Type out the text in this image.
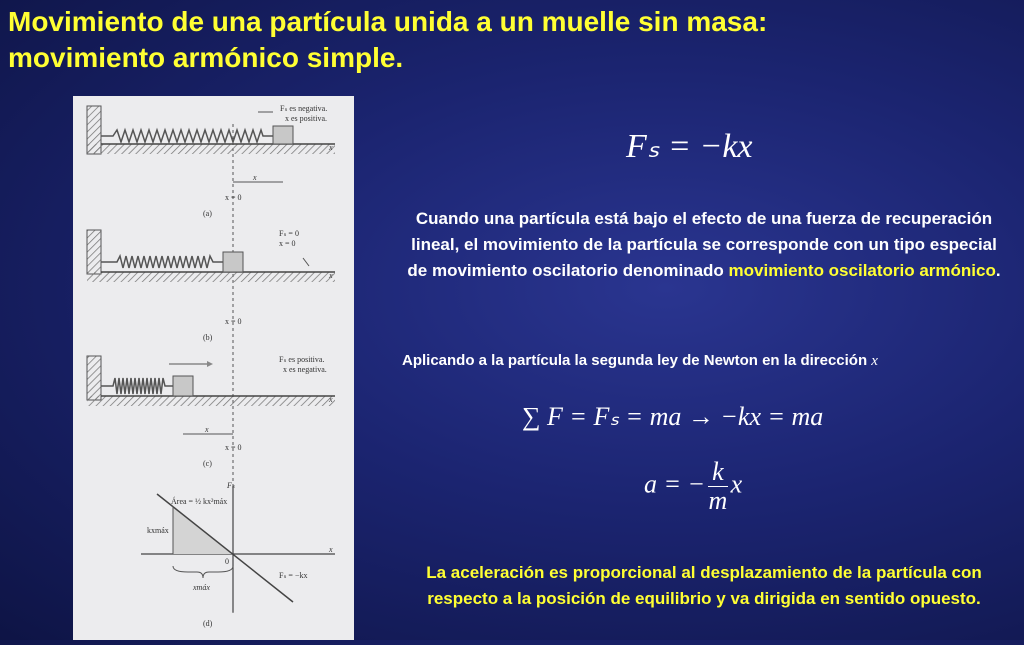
Movimiento de una partícula unida a un muelle sin masa:
movimiento armónico simple.
Fₛ es negativa.
x es positiva.
x
x
x = 0
(a)
Fₛ = 0
x = 0
x
x = 0
(b)
Fₛ es positiva.
x es negativa.
x
x
x = 0
(c)
Área = ½ kx²máx
Fₛ
x
kxmáx
0
xmáx
Fₛ = −kx
(d)
Fₛ = −kx
Cuando una partícula está bajo el efecto de una fuerza de recuperación lineal, el movimiento de la partícula se corresponde con un tipo especial de movimiento oscilatorio denominado movimiento oscilatorio armónico.
Aplicando a la partícula la segunda ley de Newton en la dirección x
∑ F = Fₛ = ma → −kx = ma
a = − $\frac{k}{m}$ x
La aceleración es proporcional al desplazamiento de la partícula con respecto a la posición de equilibrio y va dirigida en sentido opuesto.
